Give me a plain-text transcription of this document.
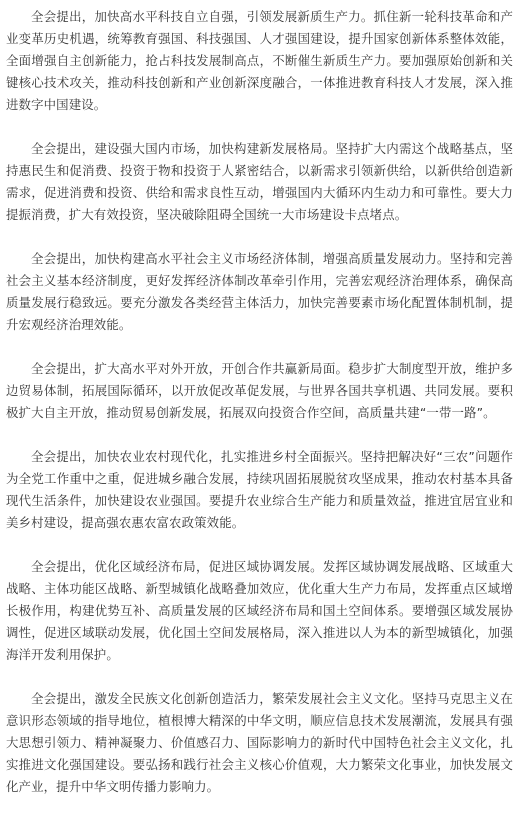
全会提出，加快高水平科技自立自强，引领发展新质生产力。抓住新一轮科技革命和产业变革历史机遇，统筹教育强国、科技强国、人才强国建设，提升国家创新体系整体效能，全面增强自主创新能力，抢占科技发展制高点，不断催生新质生产力。要加强原始创新和关键核心技术攻关，推动科技创新和产业创新深度融合，一体推进教育科技人才发展，深入推进数字中国建设。

全会提出，建设强大国内市场，加快构建新发展格局。坚持扩大内需这个战略基点，坚持惠民生和促消费、投资于物和投资于人紧密结合，以新需求引领新供给，以新供给创造新需求，促进消费和投资、供给和需求良性互动，增强国内大循环内生动力和可靠性。要大力提振消费，扩大有效投资，坚决破除阻碍全国统一大市场建设卡点堵点。

全会提出，加快构建高水平社会主义市场经济体制，增强高质量发展动力。坚持和完善社会主义基本经济制度，更好发挥经济体制改革牵引作用，完善宏观经济治理体系，确保高质量发展行稳致远。要充分激发各类经营主体活力，加快完善要素市场化配置体制机制，提升宏观经济治理效能。

全会提出，扩大高水平对外开放，开创合作共赢新局面。稳步扩大制度型开放，维护多边贸易体制，拓展国际循环，以开放促改革促发展，与世界各国共享机遇、共同发展。要积极扩大自主开放，推动贸易创新发展，拓展双向投资合作空间，高质量共建“一带一路”。

全会提出，加快农业农村现代化，扎实推进乡村全面振兴。坚持把解决好“三农”问题作为全党工作重中之重，促进城乡融合发展，持续巩固拓展脱贫攻坚成果，推动农村基本具备现代生活条件，加快建设农业强国。要提升农业综合生产能力和质量效益，推进宜居宜业和美乡村建设，提高强农惠农富农政策效能。

全会提出，优化区域经济布局，促进区域协调发展。发挥区域协调发展战略、区域重大战略、主体功能区战略、新型城镇化战略叠加效应，优化重大生产力布局，发挥重点区域增长极作用，构建优势互补、高质量发展的区域经济布局和国土空间体系。要增强区域发展协调性，促进区域联动发展，优化国土空间发展格局，深入推进以人为本的新型城镇化，加强海洋开发利用保护。

全会提出，激发全民族文化创新创造活力，繁荣发展社会主义文化。坚持马克思主义在意识形态领域的指导地位，植根博大精深的中华文明，顺应信息技术发展潮流，发展具有强大思想引领力、精神凝聚力、价值感召力、国际影响力的新时代中国特色社会主义文化，扎实推进文化强国建设。要弘扬和践行社会主义核心价值观，大力繁荣文化事业，加快发展文化产业，提升中华文明传播力影响力。
